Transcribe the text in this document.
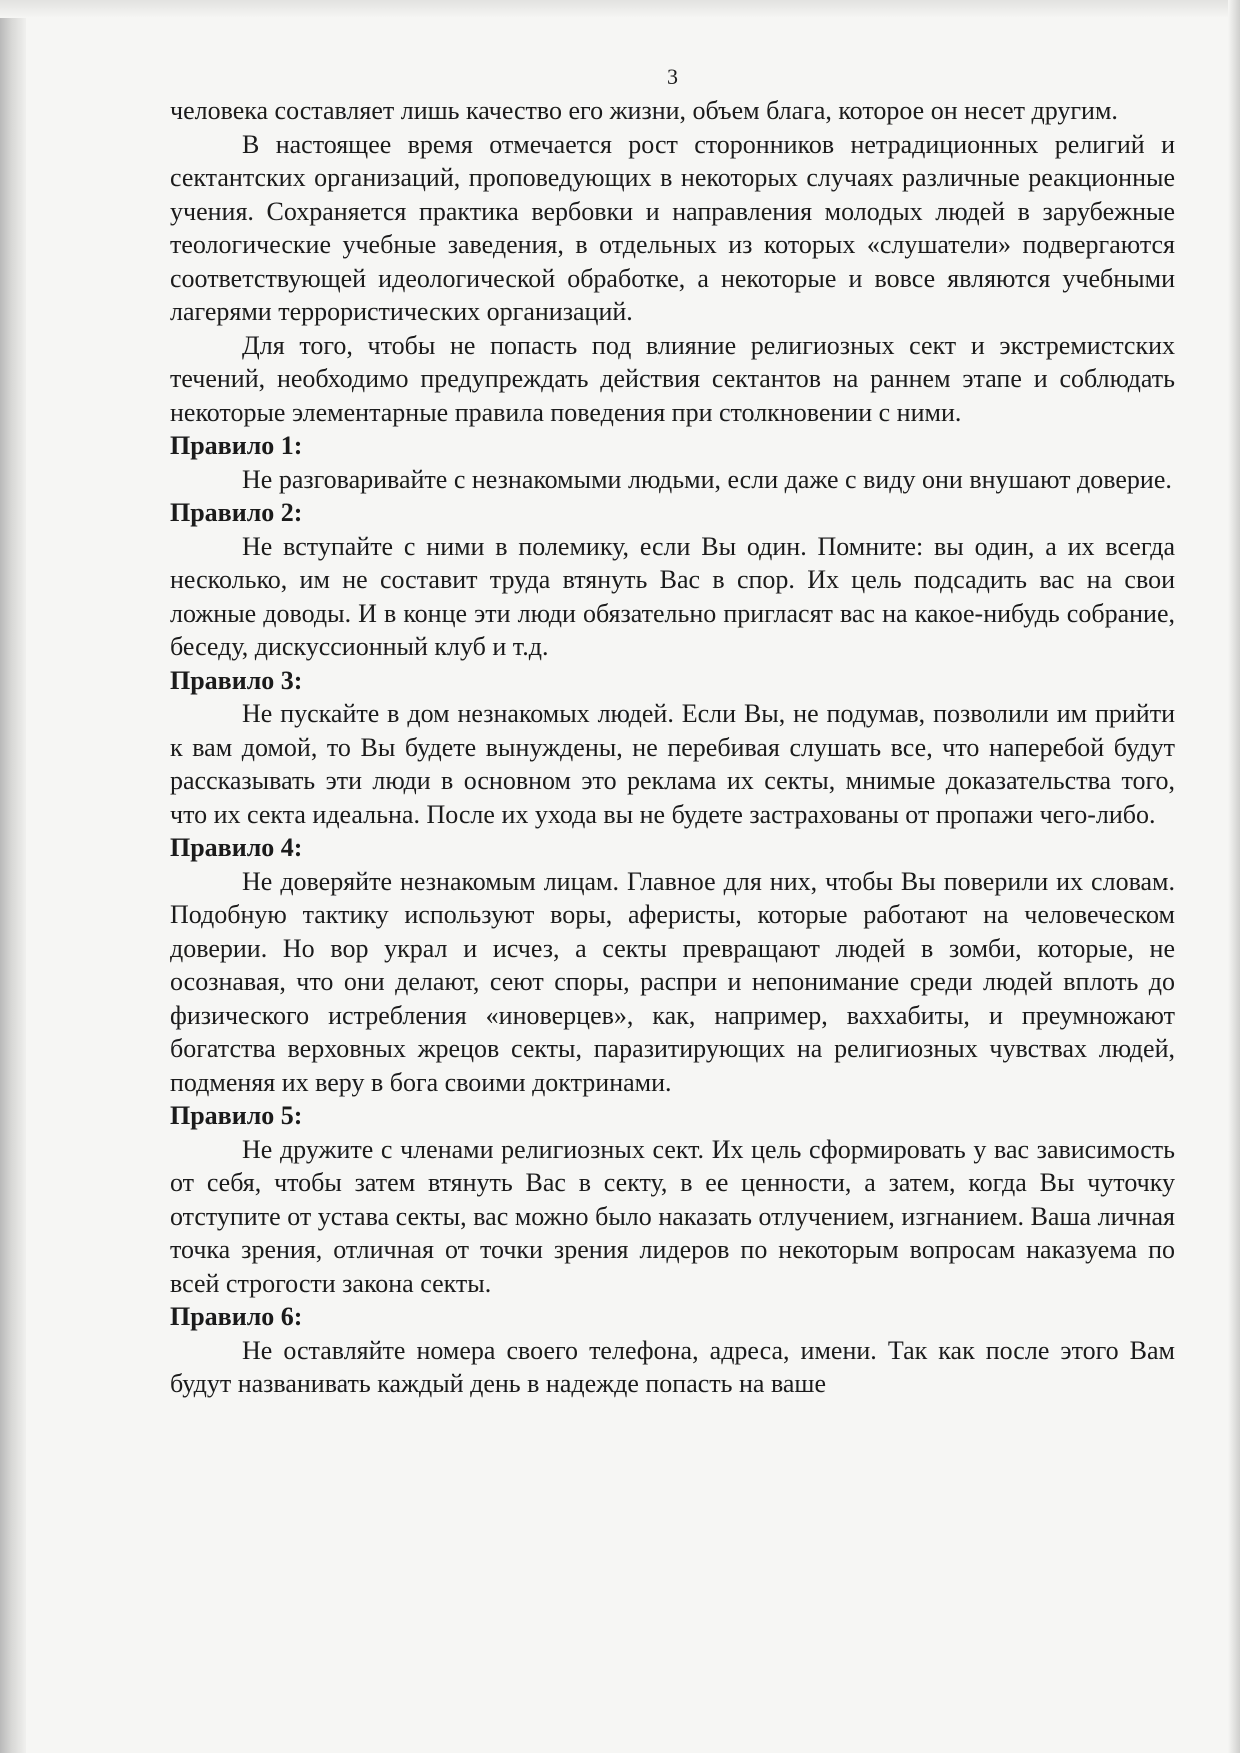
3

человека составляет лишь качество его жизни, объем блага, которое он несет другим.

В настоящее время отмечается рост сторонников нетрадиционных религий и сектантских организаций, проповедующих в некоторых случаях различные реакционные учения. Сохраняется практика вербовки и направления молодых людей в зарубежные теологические учебные заведения, в отдельных из которых «слушатели» подвергаются соответствующей идеологической обработке, а некоторые и вовсе являются учебными лагерями террористических организаций.

Для того, чтобы не попасть под влияние религиозных сект и экстремистских течений, необходимо предупреждать действия сектантов на раннем этапе и соблюдать некоторые элементарные правила поведения при столкновении с ними.

Правило 1:

Не разговаривайте с незнакомыми людьми, если даже с виду они внушают доверие.

Правило 2:

Не вступайте с ними в полемику, если Вы один. Помните: вы один, а их всегда несколько, им не составит труда втянуть Вас в спор. Их цель подсадить вас на свои ложные доводы. И в конце эти люди обязательно пригласят вас на какое-нибудь собрание, беседу, дискуссионный клуб и т.д.

Правило 3:

Не пускайте в дом незнакомых людей. Если Вы, не подумав, позволили им прийти к вам домой, то Вы будете вынуждены, не перебивая слушать все, что наперебой будут рассказывать эти люди в основном это реклама их секты, мнимые доказательства того, что их секта идеальна. После их ухода вы не будете застрахованы от пропажи чего-либо.

Правило 4:

Не доверяйте незнакомым лицам. Главное для них, чтобы Вы поверили их словам. Подобную тактику используют воры, аферисты, которые работают на человеческом доверии. Но вор украл и исчез, а секты превращают людей в зомби, которые, не осознавая, что они делают, сеют споры, распри и непонимание среди людей вплоть до физического истребления «иноверцев», как, например, ваххабиты, и преумножают богатства верховных жрецов секты, паразитирующих на религиозных чувствах людей, подменяя их веру в бога своими доктринами.

Правило 5:

Не дружите с членами религиозных сект. Их цель сформировать у вас зависимость от себя, чтобы затем втянуть Вас в секту, в ее ценности, а затем, когда Вы чуточку отступите от устава секты, вас можно было наказать отлучением, изгнанием. Ваша личная точка зрения, отличная от точки зрения лидеров по некоторым вопросам наказуема по всей строгости закона секты.

Правило 6:

Не оставляйте номера своего телефона, адреса, имени. Так как после этого Вам будут названивать каждый день в надежде попасть на ваше
